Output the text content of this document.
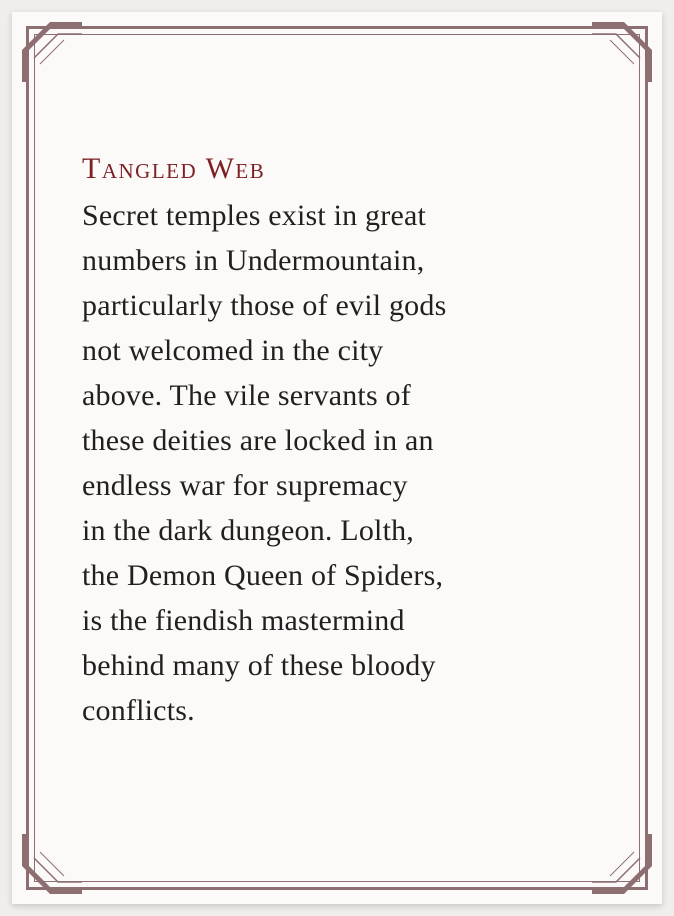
Tangled Web
Secret temples exist in great
numbers in Undermountain,
particularly those of evil gods
not welcomed in the city
above. The vile servants of
these deities are locked in an
endless war for supremacy
in the dark dungeon. Lolth,
the Demon Queen of Spiders,
is the fiendish mastermind
behind many of these bloody
conflicts.
